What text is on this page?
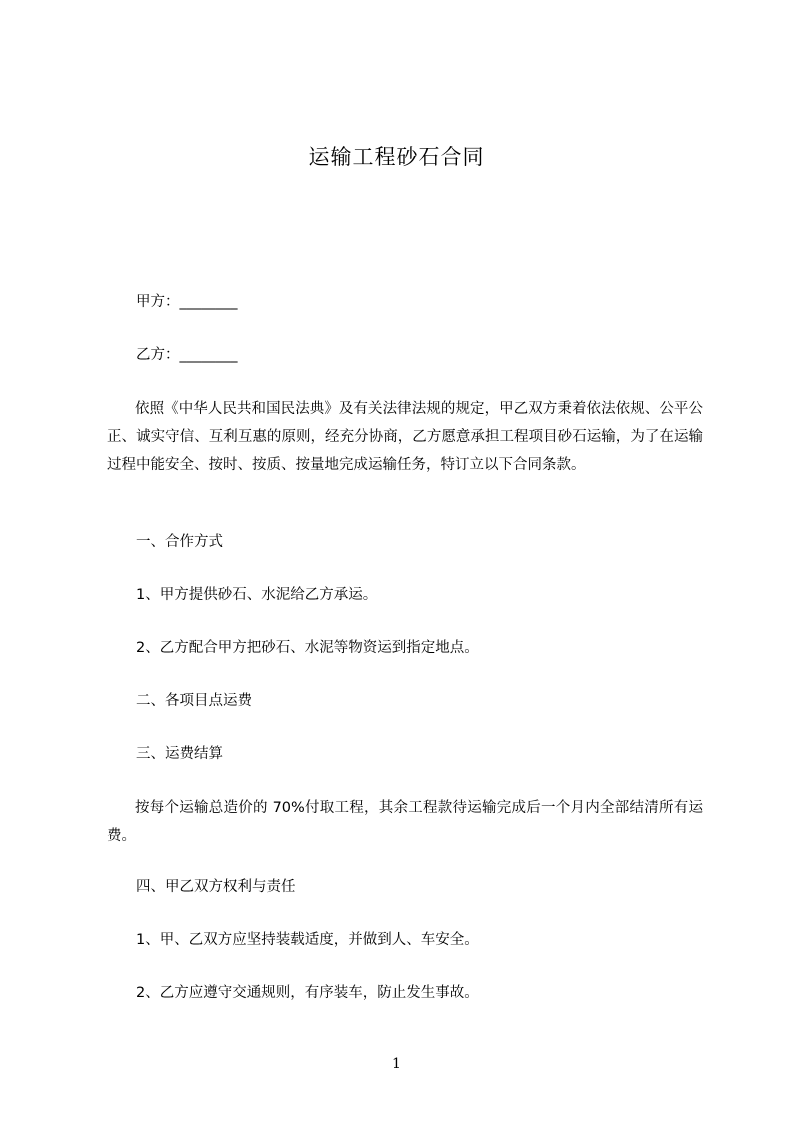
运输工程砂石合同
甲方：________
乙方：________
依照《中华人民共和国民法典》及有关法律法规的规定，甲乙双方秉着依法依规、公平公正、诚实守信、互利互惠的原则，经充分协商，乙方愿意承担工程项目砂石运输，为了在运输过程中能安全、按时、按质、按量地完成运输任务，特订立以下合同条款。
一、合作方式
1、甲方提供砂石、水泥给乙方承运。
2、乙方配合甲方把砂石、水泥等物资运到指定地点。
二、各项目点运费
三、运费结算
按每个运输总造价的 70%付取工程，其余工程款待运输完成后一个月内全部结清所有运费。
四、甲乙双方权利与责任
1、甲、乙双方应坚持装载适度，并做到人、车安全。
2、乙方应遵守交通规则，有序装车，防止发生事故。
1
